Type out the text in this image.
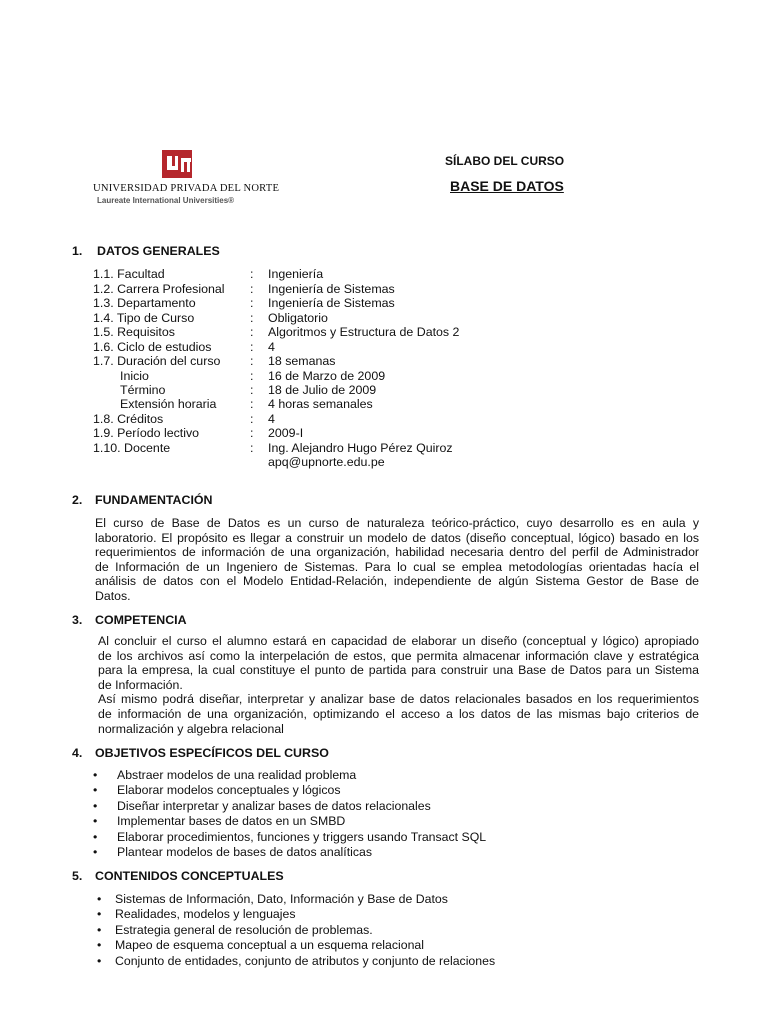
UNIVERSIDAD PRIVADA DEL NORTE
Laureate International Universities®
SÍLABO DEL CURSO
BASE DE DATOS
1. DATOS GENERALES
1.1. Facultad	: Ingeniería
1.2. Carrera Profesional : Ingeniería de Sistemas
1.3. Departamento	: Ingeniería de Sistemas
1.4. Tipo de Curso	: Obligatorio
1.5. Requisitos	: Algoritmos y Estructura de Datos 2
1.6. Ciclo de estudios	: 4
1.7. Duración del curso : 18 semanas
Inicio	: 16 de Marzo de 2009
Término	: 18 de Julio de 2009
Extensión horaria	: 4 horas semanales
1.8. Créditos	: 4
1.9. Período lectivo	: 2009-I
1.10. Docente	: Ing. Alejandro Hugo Pérez Quiroz
apq@upnorte.edu.pe
2. FUNDAMENTACIÓN
El curso de Base de Datos es un curso de naturaleza teórico-práctico, cuyo desarrollo es en aula y
laboratorio. El propósito es llegar a construir un modelo de datos (diseño conceptual, lógico) basado en los
requerimientos de información de una organización, habilidad necesaria dentro del perfil de Administrador
de Información de un Ingeniero de Sistemas. Para lo cual se emplea metodologías orientadas hacía el
análisis de datos con el Modelo Entidad-Relación, independiente de algún Sistema Gestor de Base de
Datos.
3. COMPETENCIA
Al concluir el curso el alumno estará en capacidad de elaborar un diseño (conceptual y lógico) apropiado
de los archivos así como la interpelación de estos, que permita almacenar información clave y estratégica
para la empresa, la cual constituye el punto de partida para construir una Base de Datos para un Sistema
de Información.
Así mismo podrá diseñar, interpretar y analizar base de datos relacionales basados en los requerimientos
de información de una organización, optimizando el acceso a los datos de las mismas bajo criterios de
normalización y algebra relacional
4. OBJETIVOS ESPECÍFICOS DEL CURSO
• Abstraer modelos de una realidad problema
• Elaborar modelos conceptuales y lógicos
• Diseñar interpretar y analizar bases de datos relacionales
• Implementar bases de datos en un SMBD
• Elaborar procedimientos, funciones y triggers usando Transact SQL
• Plantear modelos de bases de datos analíticas
5. CONTENIDOS CONCEPTUALES
• Sistemas de Información, Dato, Información y Base de Datos
• Realidades, modelos y lenguajes
• Estrategia general de resolución de problemas.
• Mapeo de esquema conceptual a un esquema relacional
• Conjunto de entidades, conjunto de atributos y conjunto de relaciones
